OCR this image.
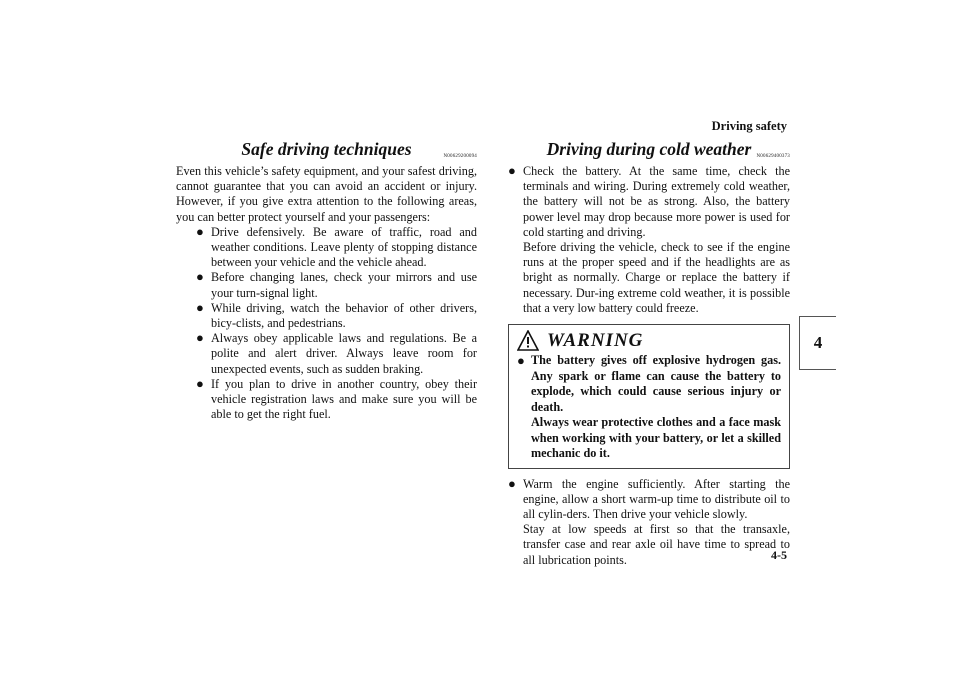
Driving safety
4
4-5
Safe driving techniques	N00629200094

Even this vehicle’s safety equipment, and your safest driving, cannot guarantee that you can avoid an accident or injury. However, if you give extra attention to the following areas, you can better protect yourself and your passengers:

● Drive defensively. Be aware of traffic, road and weather conditions. Leave plenty of stopping distance between your vehicle and the vehicle ahead.
● Before changing lanes, check your mirrors and use your turn-signal light.
● While driving, watch the behavior of other drivers, bicy-clists, and pedestrians.
● Always obey applicable laws and regulations. Be a polite and alert driver. Always leave room for unexpected events, such as sudden braking.
● If you plan to drive in another country, obey their vehicle registration laws and make sure you will be able to get the right fuel.
Driving during cold weather	N00629400373
● Check the battery. At the same time, check the terminals and wiring. During extremely cold weather, the battery will not be as strong. Also, the battery power level may drop because more power is used for cold starting and driving.

Before driving the vehicle, check to see if the engine runs at the proper speed and if the headlights are as bright as normally. Charge or replace the battery if necessary. Dur-ing extreme cold weather, it is possible that a very low battery could freeze.

WARNING
● The battery gives off explosive hydrogen gas. Any spark or flame can cause the battery to explode, which could cause serious injury or death.

Always wear protective clothes and a face mask when working with your battery, or let a skilled mechanic do it.

● Warm the engine sufficiently. After starting the engine, allow a short warm-up time to distribute oil to all cylin-ders. Then drive your vehicle slowly.

Stay at low speeds at first so that the transaxle, transfer case and rear axle oil have time to spread to all lubrication points.
